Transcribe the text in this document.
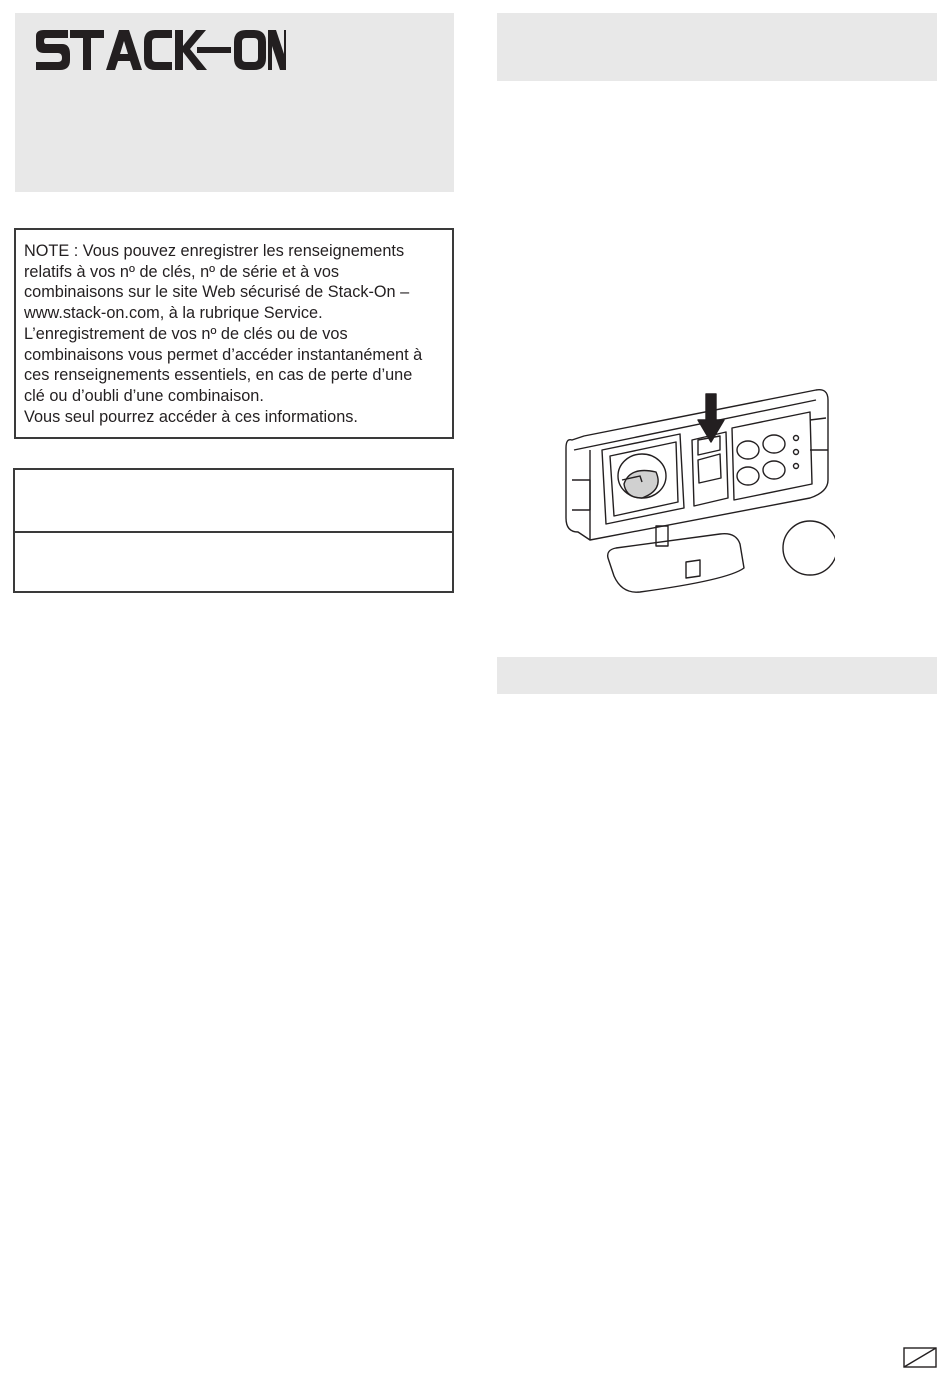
NOTE : Vous pouvez enregistrer les renseignements

relatifs à vos nº de clés, nº de série et à vos

combinaisons sur le site Web sécurisé de Stack-On –

www.stack-on.com, à la rubrique Service.

L’enregistrement de vos nº de clés ou de vos

combinaisons vous permet d’accéder instantanément à

ces renseignements essentiels, en cas de perte d’une

clé ou d’oubli d’une combinaison.

Vous seul pourrez accéder à ces informations.
